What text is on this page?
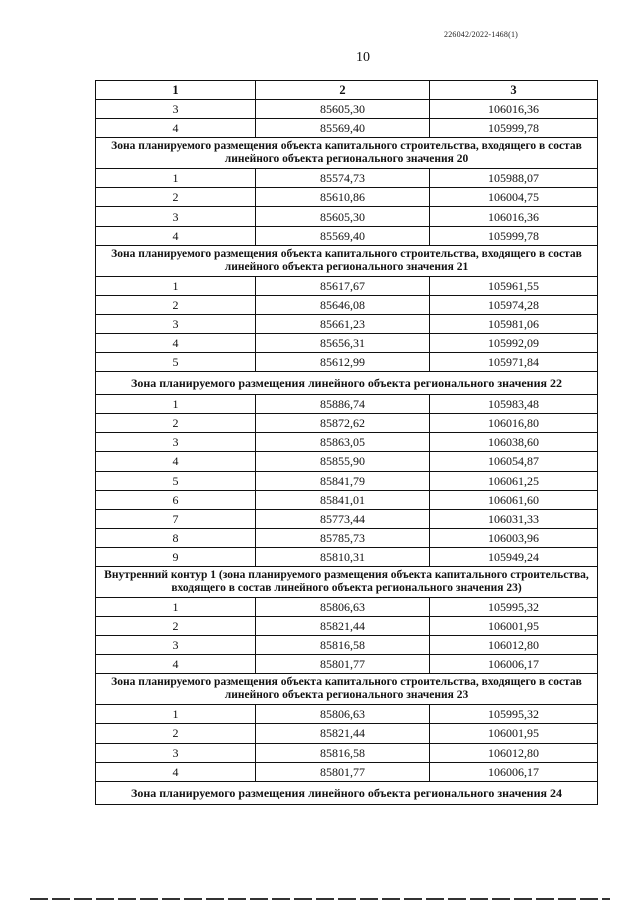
226042/2022-1468(1)
10
1	2	3
3	85605,30	106016,36
4	85569,40	105999,78
Зона планируемого размещения объекта капитального строительства, входящего в состав линейного объекта регионального значения 20		
1	85574,73	105988,07
2	85610,86	106004,75
3	85605,30	106016,36
4	85569,40	105999,78
Зона планируемого размещения объекта капитального строительства, входящего в состав линейного объекта регионального значения 21		
1	85617,67	105961,55
2	85646,08	105974,28
3	85661,23	105981,06
4	85656,31	105992,09
5	85612,99	105971,84
Зона планируемого размещения линейного объекта регионального значения 22		
1	85886,74	105983,48
2	85872,62	106016,80
3	85863,05	106038,60
4	85855,90	106054,87
5	85841,79	106061,25
6	85841,01	106061,60
7	85773,44	106031,33
8	85785,73	106003,96
9	85810,31	105949,24
Внутренний контур 1 (зона планируемого размещения объекта капитального строительства, входящего в состав линейного объекта регионального значения 23)		
1	85806,63	105995,32
2	85821,44	106001,95
3	85816,58	106012,80
4	85801,77	106006,17
Зона планируемого размещения объекта капитального строительства, входящего в состав линейного объекта регионального значения 23		
1	85806,63	105995,32
2	85821,44	106001,95
3	85816,58	106012,80
4	85801,77	106006,17
Зона планируемого размещения линейного объекта регионального значения 24		
